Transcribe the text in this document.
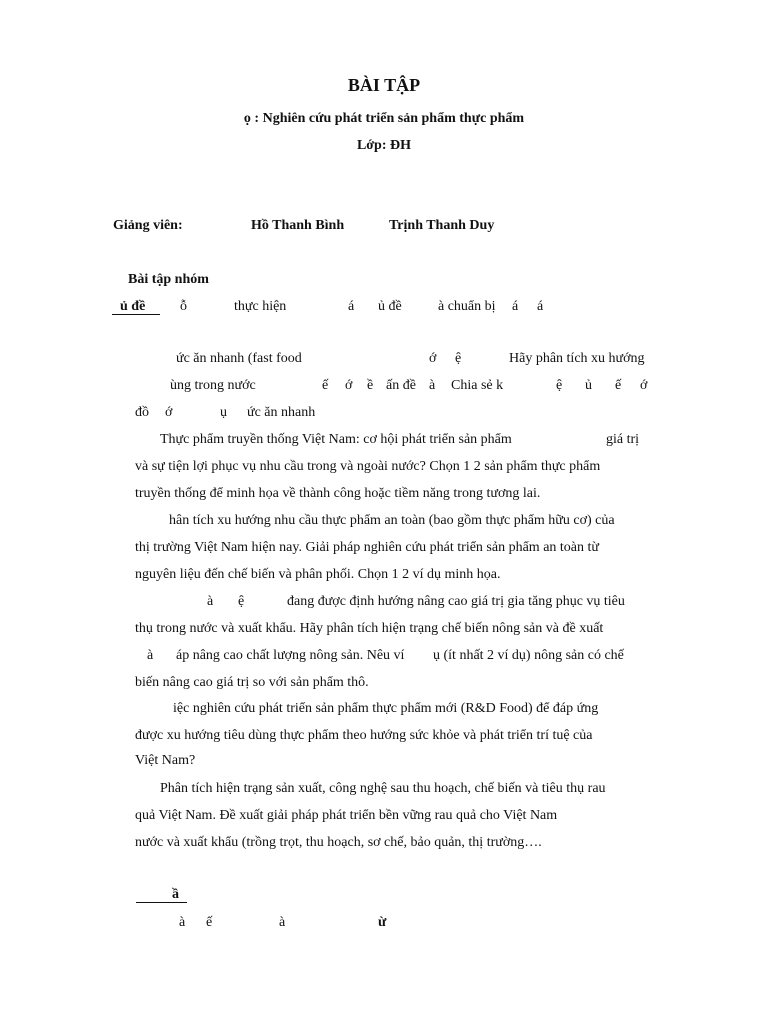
BÀI TẬP
ọ : Nghiên cứu phát triển sản phẩm thực phẩm
Lớp: ĐH
Giảng viên:	Hồ Thanh Bình	Trịnh Thanh Duy
Bài tập nhóm
ủ đề ỗ	thực hiện	á ủ đề	à chuẩn bị á á
ức ăn nhanh (fast food	ớ ệ	Hãy phân tích xu hướng
ùng trong nước	ế ớ ề ấn đề à Chia sẻ k	ệ ủ ế ớ
đồ ớ	ụ ức ăn nhanh
Thực phẩm truyền thống Việt Nam: cơ hội phát triển sản phẩm	giá trị
và sự tiện lợi phục vụ nhu cầu trong và ngoài nước? Chọn 1 2 sản phẩm thực phẩm
truyền thống để minh họa về thành công hoặc tiềm năng trong tương lai.
hân tích xu hướng nhu cầu thực phẩm an toàn (bao gồm thực phẩm hữu cơ) của
thị trường Việt Nam hiện nay. Giải pháp nghiên cứu phát triển sản phẩm an toàn từ
nguyên liệu đến chế biến và phân phối. Chọn 1 2 ví dụ minh họa.
à ệ	đang được định hướng nâng cao giá trị gia tăng phục vụ tiêu
thụ trong nước và xuất khẩu. Hãy phân tích hiện trạng chế biến nông sản và đề xuất
à áp nâng cao chất lượng nông sản. Nêu ví ụ (ít nhất 2 ví dụ) nông sản có chế
biến nâng cao giá trị so với sản phẩm thô.
iệc nghiên cứu phát triển sản phẩm thực phẩm mới (R&D Food) để đáp ứng
được xu hướng tiêu dùng thực phẩm theo hướng sức khỏe và phát triển trí tuệ của
Việt Nam?
Phân tích hiện trạng sản xuất, công nghệ sau thu hoạch, chế biến và tiêu thụ rau
quả Việt Nam. Đề xuất giải pháp phát triển bền vững rau quả cho Việt Nam
nước và xuất khẩu (trồng trọt, thu hoạch, sơ chế, bảo quản, thị trường….
ầ
à ế	à	ừ
